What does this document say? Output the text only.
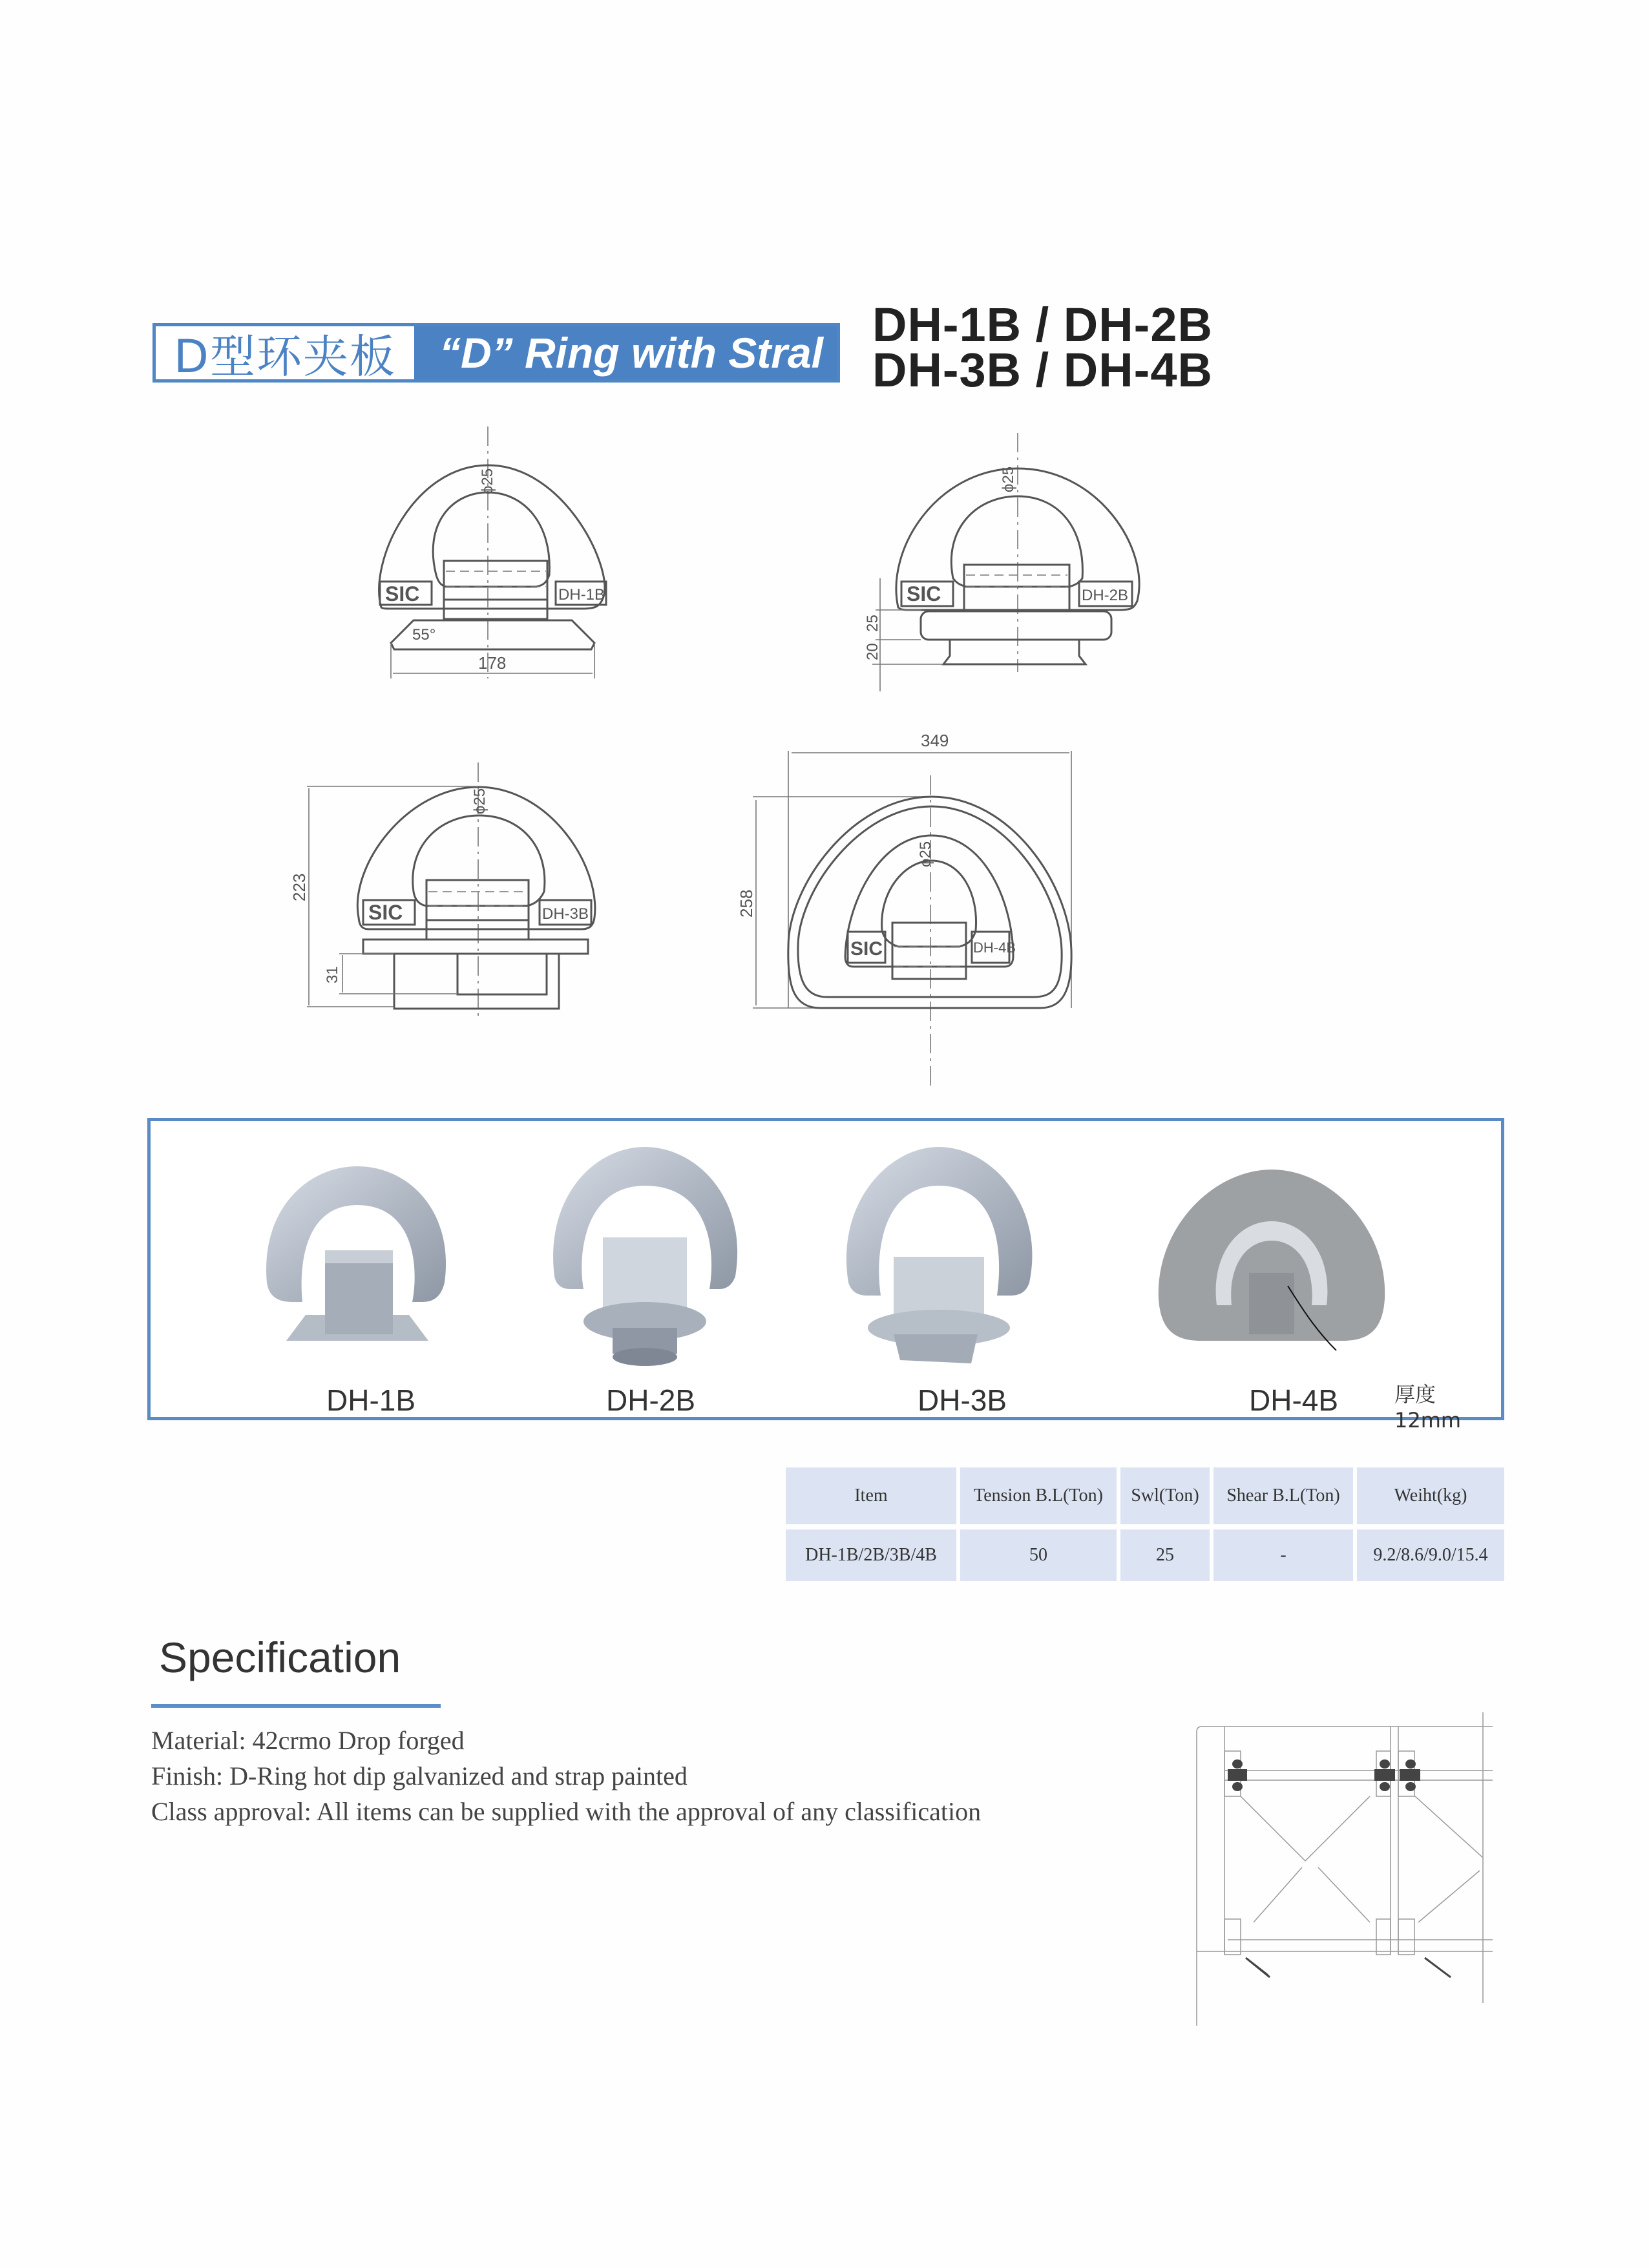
D型环夹板	“D” Ring with Stral
DH-1B / DH-2B
DH-3B / DH-4B
SIC	DH-1B
55°
178
ϕ25
SIC	DH-2B
25
20
ϕ25
SIC	DH-3B
223
31
ϕ25
349
258
SIC	DH-4B
ϕ25
DH-1B	DH-2B	DH-3B	DH-4B	厚度12mm
Item	Tension B.L(Ton)	Swl(Ton)	Shear B.L(Ton)	Weiht(kg)
DH-1B/2B/3B/4B	50	25	-	9.2/8.6/9.0/15.4
Specification
Material: 42crmo Drop forged
Finish: D-Ring hot dip galvanized and strap painted
Class approval: All items can be supplied with the approval of any classification
